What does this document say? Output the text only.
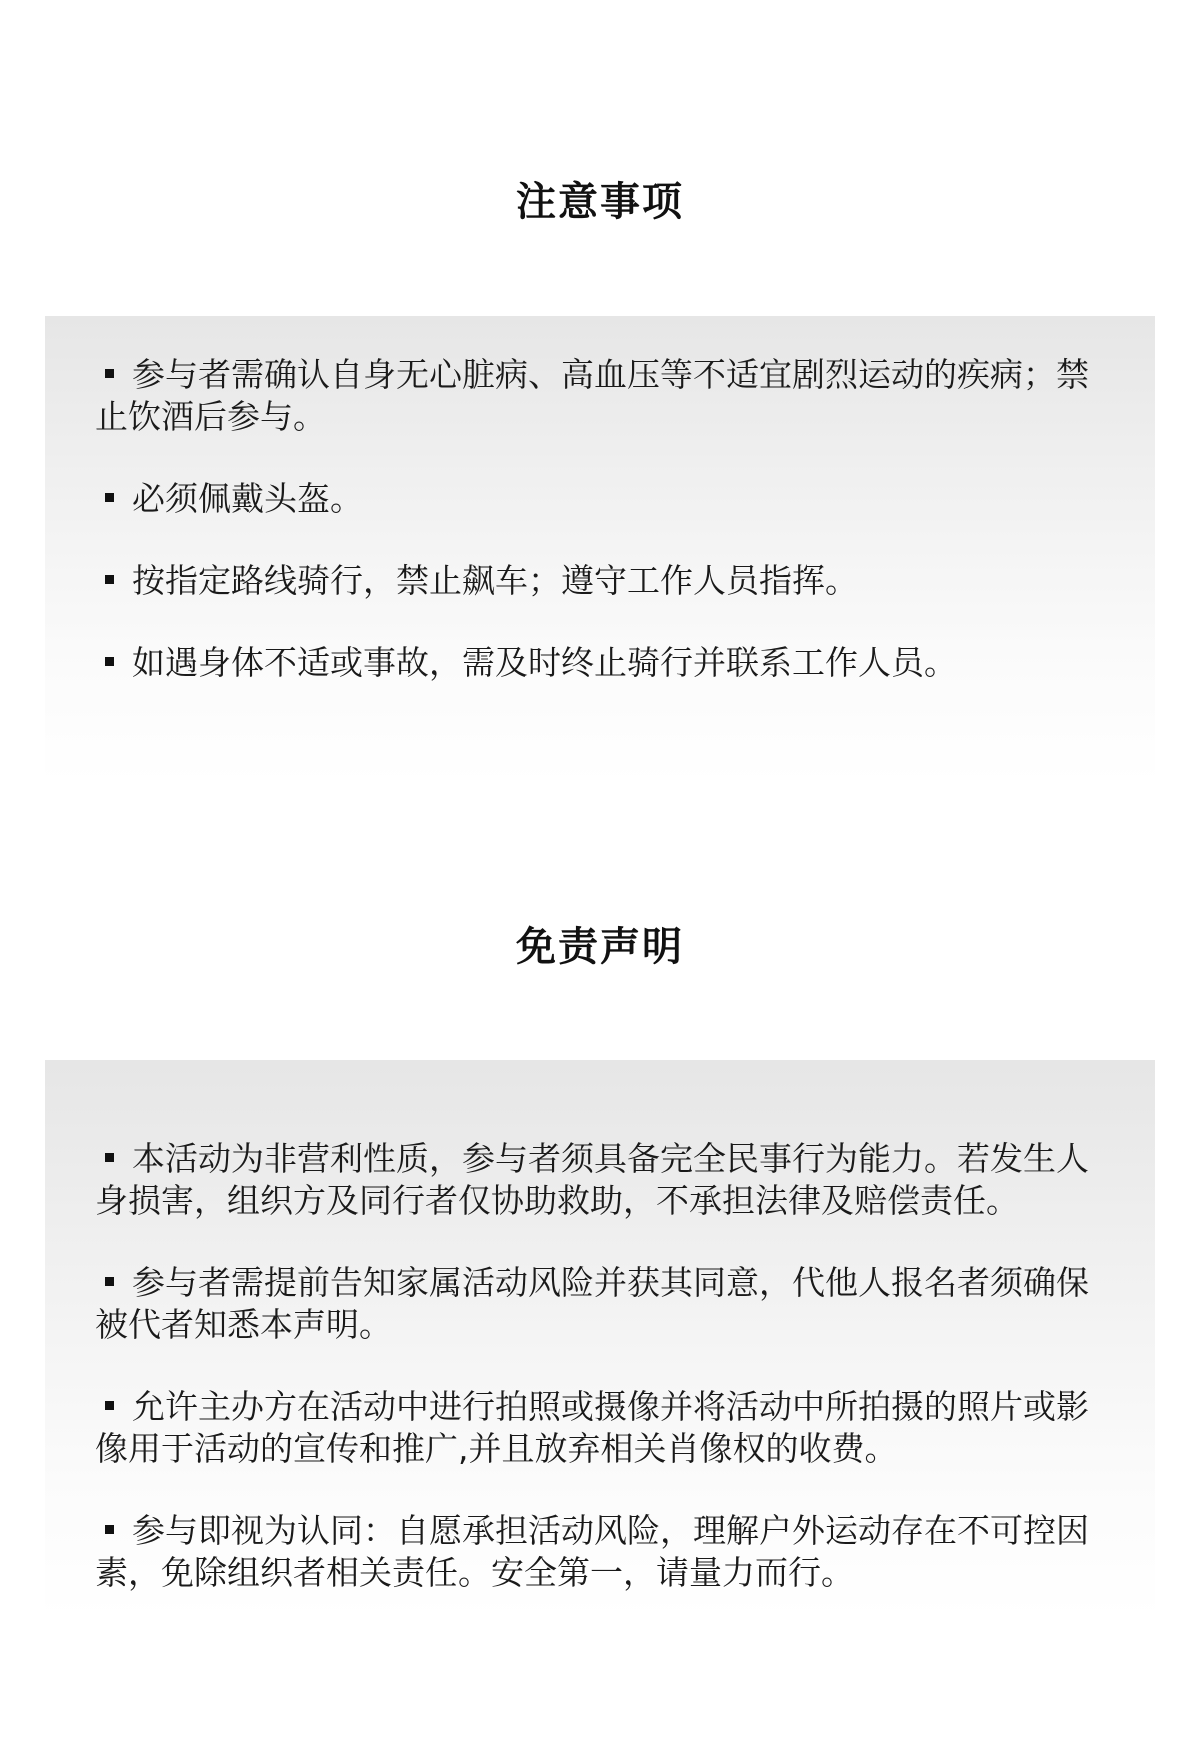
注意事项

参与者需确认自身无心脏病、高血压等不适宜剧烈运动的疾病；禁止饮酒后参与。

必须佩戴头盔。

按指定路线骑行，禁止飙车；遵守工作人员指挥。

如遇身体不适或事故，需及时终止骑行并联系工作人员。

免责声明

本活动为非营利性质，参与者须具备完全民事行为能力。若发生人身损害，组织方及同行者仅协助救助，不承担法律及赔偿责任。

参与者需提前告知家属活动风险并获其同意，代他人报名者须确保被代者知悉本声明。

允许主办方在活动中进行拍照或摄像并将活动中所拍摄的照片或影像用于活动的宣传和推广,并且放弃相关肖像权的收费。

参与即视为认同：自愿承担活动风险，理解户外运动存在不可控因素，免除组织者相关责任。安全第一，请量力而行。
